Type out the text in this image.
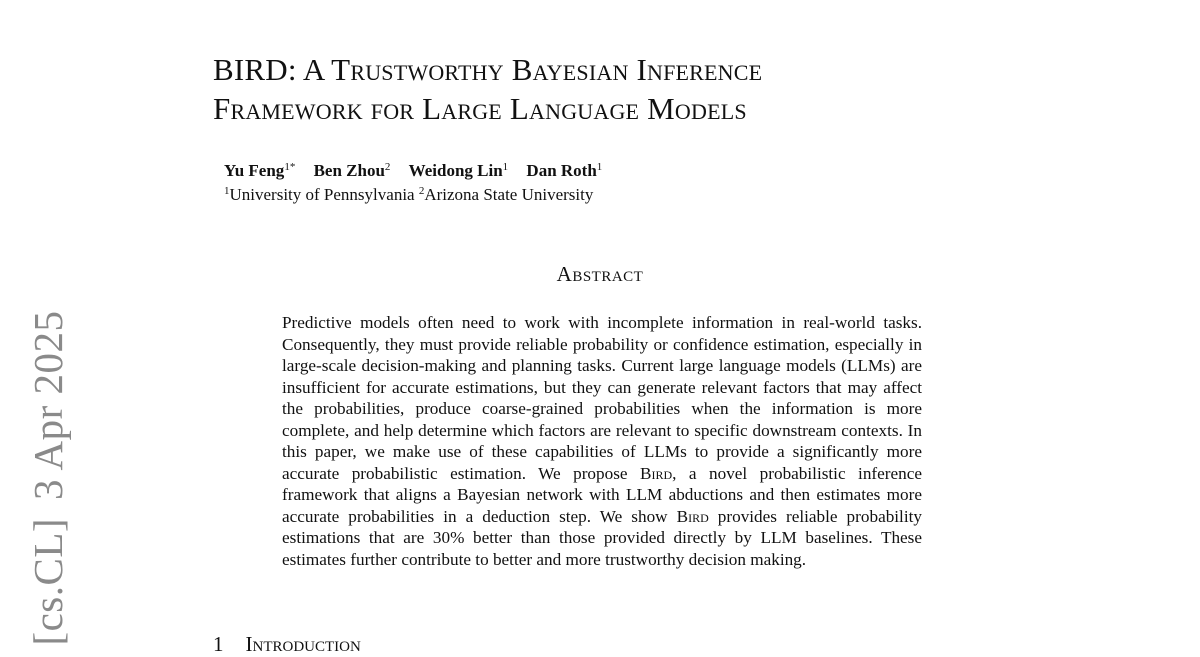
[cs.CL]3 Apr 2025
BIRD: A Trustworthy Bayesian Inference
Framework for Large Language Models
Yu Feng$^{1*}$ Ben Zhou$^2$ Weidong Lin$^1$ Dan Roth$^1$
$^1$University of Pennsylvania $^2$Arizona State University
Abstract

Predictive models often need to work with incomplete information in real-world tasks. Consequently, they must provide reliable probability or confidence estimation, especially in large-scale decision-making and planning tasks. Current large language models (LLMs) are insufficient for accurate estimations, but they can generate relevant factors that may affect the probabilities, produce coarse-grained probabilities when the information is more complete, and help determine which factors are relevant to specific downstream contexts. In this paper, we make use of these capabilities of LLMs to provide a significantly more accurate probabilistic estimation. We propose Bird, a novel probabilistic inference framework that aligns a Bayesian network with LLM abductions and then estimates more accurate probabilities in a deduction step. We show Bird provides reliable probability estimations that are 30% better than those provided directly by LLM baselines. These estimates further contribute to better and more trustworthy decision making.

1 Introduction
